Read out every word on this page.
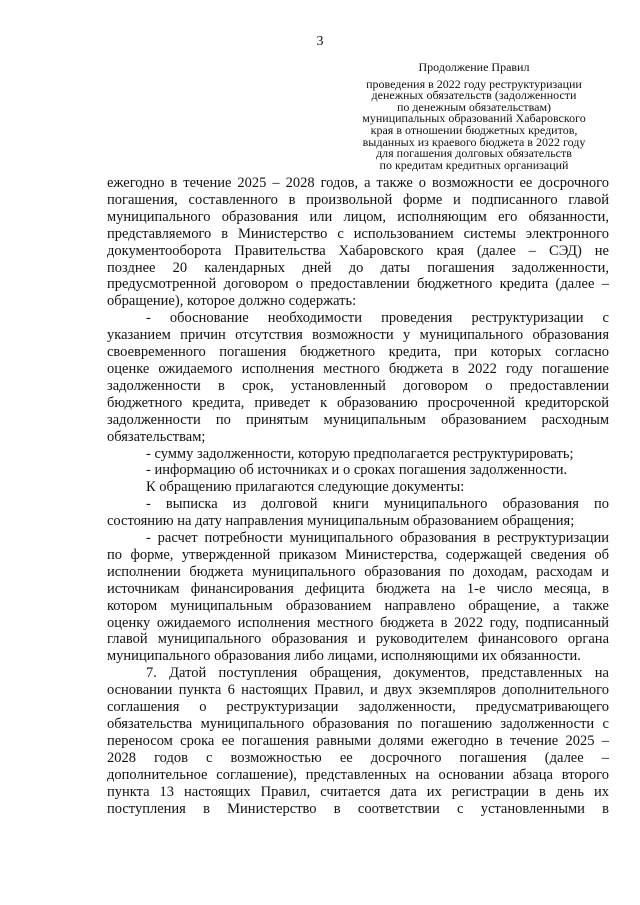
3
Продолжение Правил
проведения в 2022 году реструктуризации
денежных обязательств (задолженности
по денежным обязательствам)
муниципальных образований Хабаровского
края в отношении бюджетных кредитов,
выданных из краевого бюджета в 2022 году
для погашения долговых обязательств
по кредитам кредитных организаций
ежегодно в течение 2025 – 2028 годов, а также о возможности ее досрочного
погашения, составленного в произвольной форме и подписанного главой
муниципального образования или лицом, исполняющим его обязанности,
представляемого в Министерство с использованием системы электронного
документооборота Правительства Хабаровского края (далее – СЭД) не
позднее 20 календарных дней до даты погашения задолженности,
предусмотренной договором о предоставлении бюджетного кредита (далее –
обращение), которое должно содержать:
- обоснование необходимости проведения реструктуризации с
указанием причин отсутствия возможности у муниципального образования
своевременного погашения бюджетного кредита, при которых согласно
оценке ожидаемого исполнения местного бюджета в 2022 году погашение
задолженности в срок, установленный договором о предоставлении
бюджетного кредита, приведет к образованию просроченной кредиторской
задолженности по принятым муниципальным образованием расходным
обязательствам;
- сумму задолженности, которую предполагается реструктурировать;
- информацию об источниках и о сроках погашения задолженности.
К обращению прилагаются следующие документы:
- выписка из долговой книги муниципального образования по
состоянию на дату направления муниципальным образованием обращения;
- расчет потребности муниципального образования в реструктуризации
по форме, утвержденной приказом Министерства, содержащей сведения об
исполнении бюджета муниципального образования по доходам, расходам и
источникам финансирования дефицита бюджета на 1-е число месяца, в
котором муниципальным образованием направлено обращение, а также
оценку ожидаемого исполнения местного бюджета в 2022 году, подписанный
главой муниципального образования и руководителем финансового органа
муниципального образования либо лицами, исполняющими их обязанности.
7. Датой поступления обращения, документов, представленных на
основании пункта 6 настоящих Правил, и двух экземпляров дополнительного
соглашения о реструктуризации задолженности, предусматривающего
обязательства муниципального образования по погашению задолженности с
переносом срока ее погашения равными долями ежегодно в течение 2025 –
2028 годов с возможностью ее досрочного погашения (далее –
дополнительное соглашение), представленных на основании абзаца второго
пункта 13 настоящих Правил, считается дата их регистрации в день их
поступления в Министерство в соответствии с установленными в
